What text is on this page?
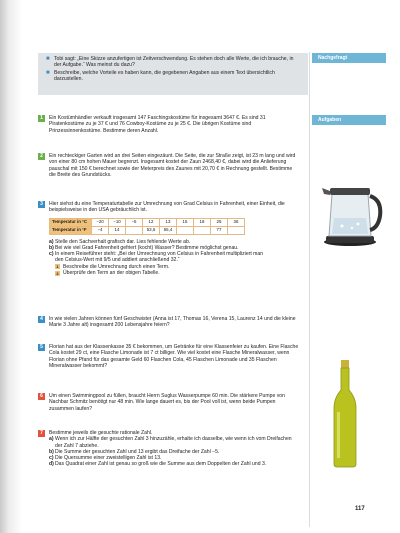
■ Tobi sagt: „Eine Skizze anzufertigen ist Zeitverschwendung. Es stehen doch alle Werte, die ich brauche, in der Aufgabe.“ Was meinst du dazu?
■ Beschreibe, welche Vorteile es haben kann, die gegebenen Angaben aus einem Text übersichtlich darzustellen.
Nachgefragt
Aufgaben
1	Ein Kostümhändler verkauft insgesamt 147 Faschingskostüme für insgesamt 3647 €. Es sind 31 Piratenkostüme zu je 37 € und 76 Cowboy-Kostüme zu je 25 €. Die übrigen Kostüme sind Prinzessinnenkostüme. Bestimme deren Anzahl.
2	Ein rechteckiger Garten wird an drei Seiten eingezäunt. Die Seite, die zur Straße zeigt, ist 23 m lang und wird von einer 80 cm hohen Mauer begrenzt. Insgesamt kostet der Zaun 2468,40 €, dabei wird die Anlieferung pauschal mit 150 € berechnet sowie der Meterpreis des Zaunes mit 20,70 € in Rechnung gestellt. Bestimme die Breite des Grundstücks.
3	Hier siehst du eine Temperaturtabelle zur Umrechnung von Grad Celsius in Fahrenheit, einer Einheit, die beispielsweise in den USA gebräuchlich ist.
Temperatur in °C	−20	−10	−5	12	13	15	18	25	36
Temperatur in °F	−4	14		53,6	55,4			77	
a) Stelle den Sachverhalt grafisch dar. Lies fehlende Werte ab.
b) Bei wie viel Grad Fahrenheit gefriert (kocht) Wasser? Bestimme möglichst genau.
c) In einem Reiseführer steht: „Bei der Umrechnung von Celsius in Fahrenheit multipliziert man den Celsius-Wert mit 9/5 und addiert anschließend 32.“
1 Beschreibe die Umrechnung durch einen Term.
2 Überprüfe den Term an der obigen Tabelle.
4	In wie vielen Jahren können fünf Geschwister (Anna ist 17, Thomas 16, Verena 15, Laurenz 14 und die kleine Marie 3 Jahre alt) insgesamt 200 Lebensjahre feiern?
5	Florian hat aus der Klassenkasse 35 € bekommen, um Getränke für eine Klassenfeier zu kaufen. Eine Flasche Cola kostet 29 ct, eine Flasche Limonade ist 7 ct billiger. Wie viel kostet eine Flasche Mineralwasser, wenn Florian ohne Pfand für das gesamte Geld 60 Flaschen Cola, 45 Flaschen Limonade und 35 Flaschen Mineralwasser bekommt?
6	Um einen Swimmingpool zu füllen, braucht Herrn Suglus Wasserpumpe 60 min. Die stärkere Pumpe von Nachbar Schmitz benötigt nur 48 min. Wie lange dauert es, bis der Pool voll ist, wenn beide Pumpen zusammen laufen?
7	Bestimme jeweils die gesuchte rationale Zahl.
a) Wenn ich zur Hälfte der gesuchten Zahl 3 hinzuzähle, erhalte ich dasselbe, wie wenn ich vom Dreifachen der Zahl 7 abziehe.
b) Die Summe der gesuchten Zahl und 13 ergibt das Dreifache der Zahl −5.
c) Die Quersumme einer zweistelligen Zahl ist 13.
d) Das Quadrat einer Zahl ist genau so groß wie die Summe aus dem Doppelten der Zahl und 3.
117
